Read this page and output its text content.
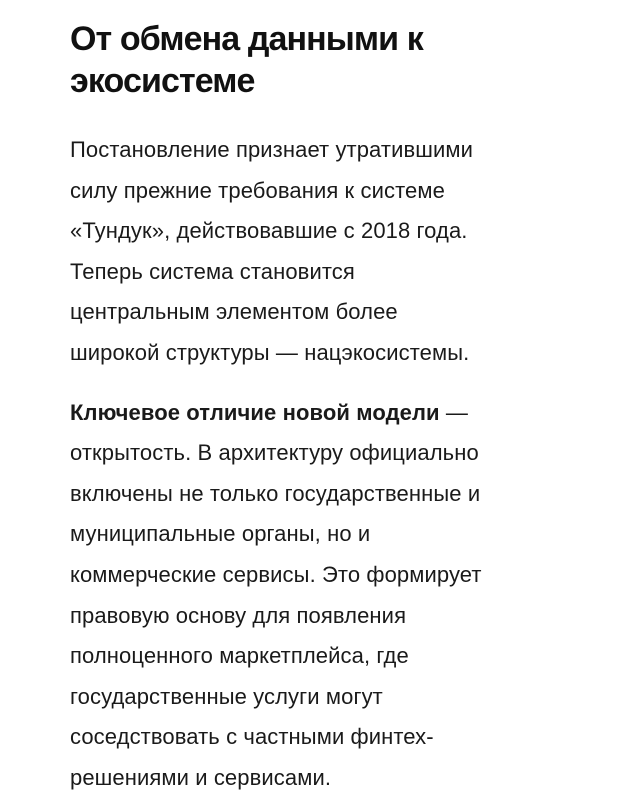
От обмена данными к
экосистеме

Постановление признает утратившими
силу прежние требования к системе
«Тундук», действовавшие с 2018 года.
Теперь система становится
центральным элементом более
широкой структуры — нацэкосистемы.

Ключевое отличие новой модели —
открытость. В архитектуру официально
включены не только государственные и
муниципальные органы, но и
коммерческие сервисы. Это формирует
правовую основу для появления
полноценного маркетплейса, где
государственные услуги могут
соседствовать с частными финтех-
решениями и сервисами.
